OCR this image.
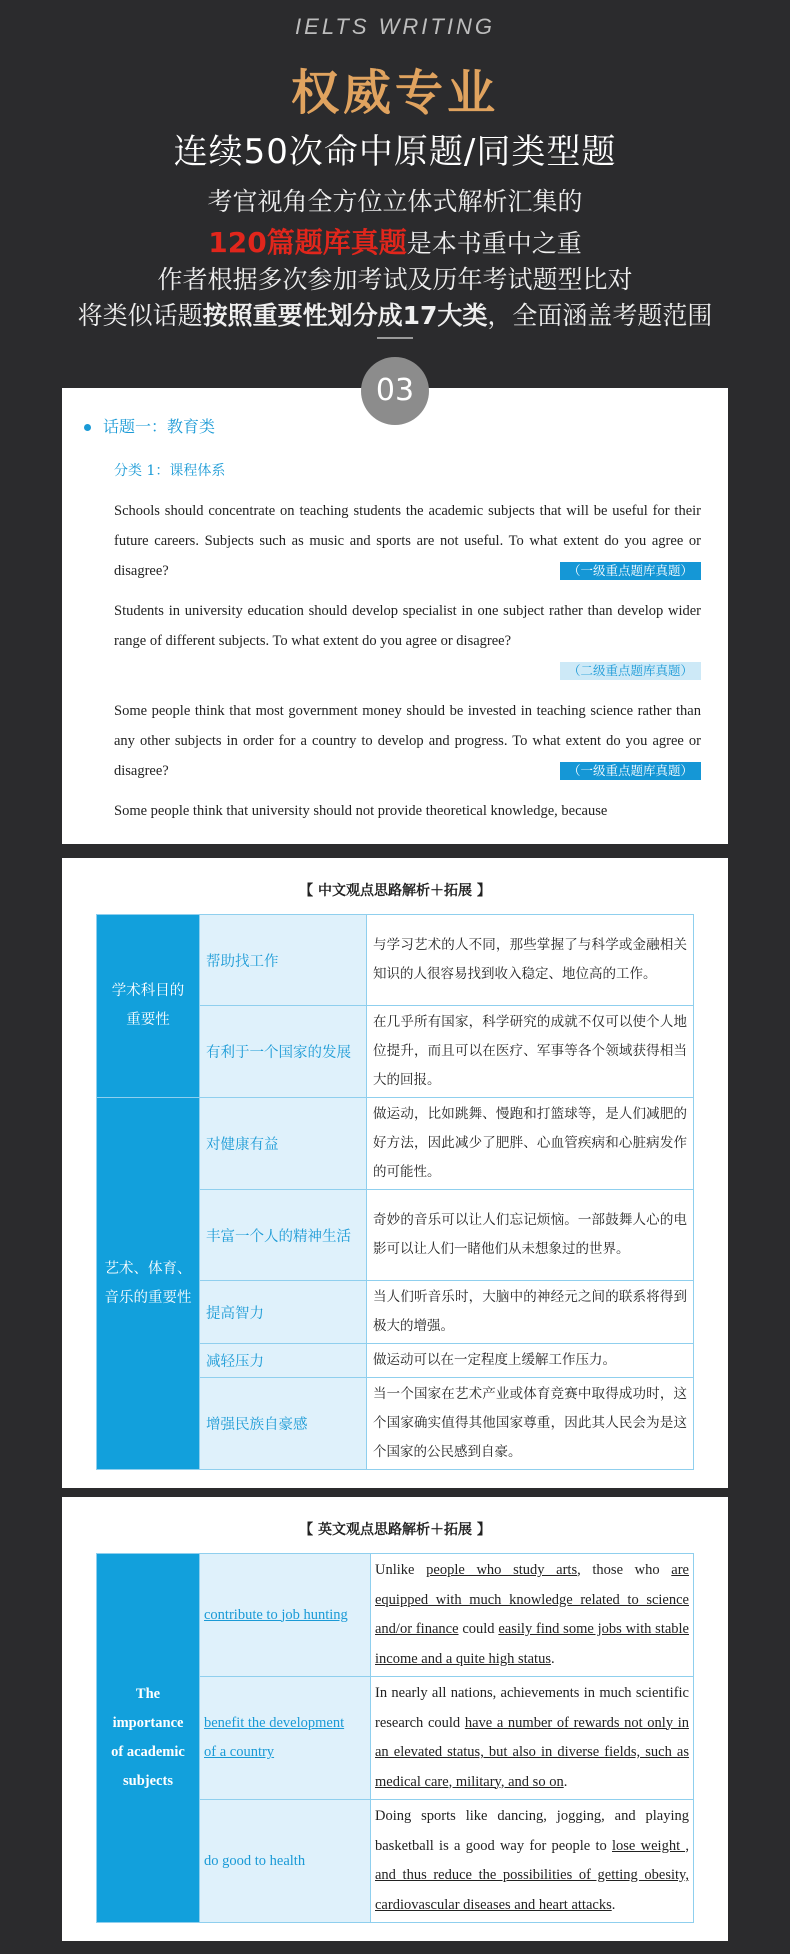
IELTS WRITING
权威专业
连续50次命中原题/同类型题
考官视角全方位立体式解析汇集的
120篇题库真题是本书重中之重
作者根据多次参加考试及历年考试题型比对
将类似话题按照重要性划分成17大类，全面涵盖考题范围
03
话题一：教育类
分类 1：课程体系
Schools should concentrate on teaching students the academic subjects that will be useful for their future careers. Subjects such as music and sports are not useful. To what extent do you agree or disagree?	（一级重点题库真题）
Students in university education should develop specialist in one subject rather than develop wider range of different subjects. To what extent do you agree or disagree?
（二级重点题库真题）
Some people think that most government money should be invested in teaching science rather than any other subjects in order for a country to develop and progress. To what extent do you agree or disagree?	（一级重点题库真题）
Some people think that university should not provide theoretical knowledge, because
【 中文观点思路解析＋拓展 】
学术科目的
重要性	帮助找工作	与学习艺术的人不同，那些掌握了与科学或金融相关知识的人很容易找到收入稳定、地位高的工作。
	有利于一个国家的发展	在几乎所有国家，科学研究的成就不仅可以使个人地位提升，而且可以在医疗、军事等各个领域获得相当大的回报。
艺术、体育、
音乐的重要性	对健康有益	做运动，比如跳舞、慢跑和打篮球等，是人们减肥的好方法，因此减少了肥胖、心血管疾病和心脏病发作的可能性。
	丰富一个人的精神生活	奇妙的音乐可以让人们忘记烦恼。一部鼓舞人心的电影可以让人们一睹他们从未想象过的世界。
	提高智力	当人们听音乐时，大脑中的神经元之间的联系将得到极大的增强。
	减轻压力	做运动可以在一定程度上缓解工作压力。
	增强民族自豪感	当一个国家在艺术产业或体育竞赛中取得成功时，这个国家确实值得其他国家尊重，因此其人民会为是这个国家的公民感到自豪。
【 英文观点思路解析＋拓展 】
The
importance
of academic
subjects	contribute to job hunting	Unlike people who study arts, those who are equipped with much knowledge related to science and/or finance could easily find some jobs with stable income and a quite high status.
	benefit the development
of a country	In nearly all nations, achievements in much scientific research could have a number of rewards not only in an elevated status, but also in diverse fields, such as medical care, military, and so on.
	do good to health	Doing sports like dancing, jogging, and playing basketball is a good way for people to lose weight , and thus reduce the possibilities of getting obesity, cardiovascular diseases and heart attacks.
